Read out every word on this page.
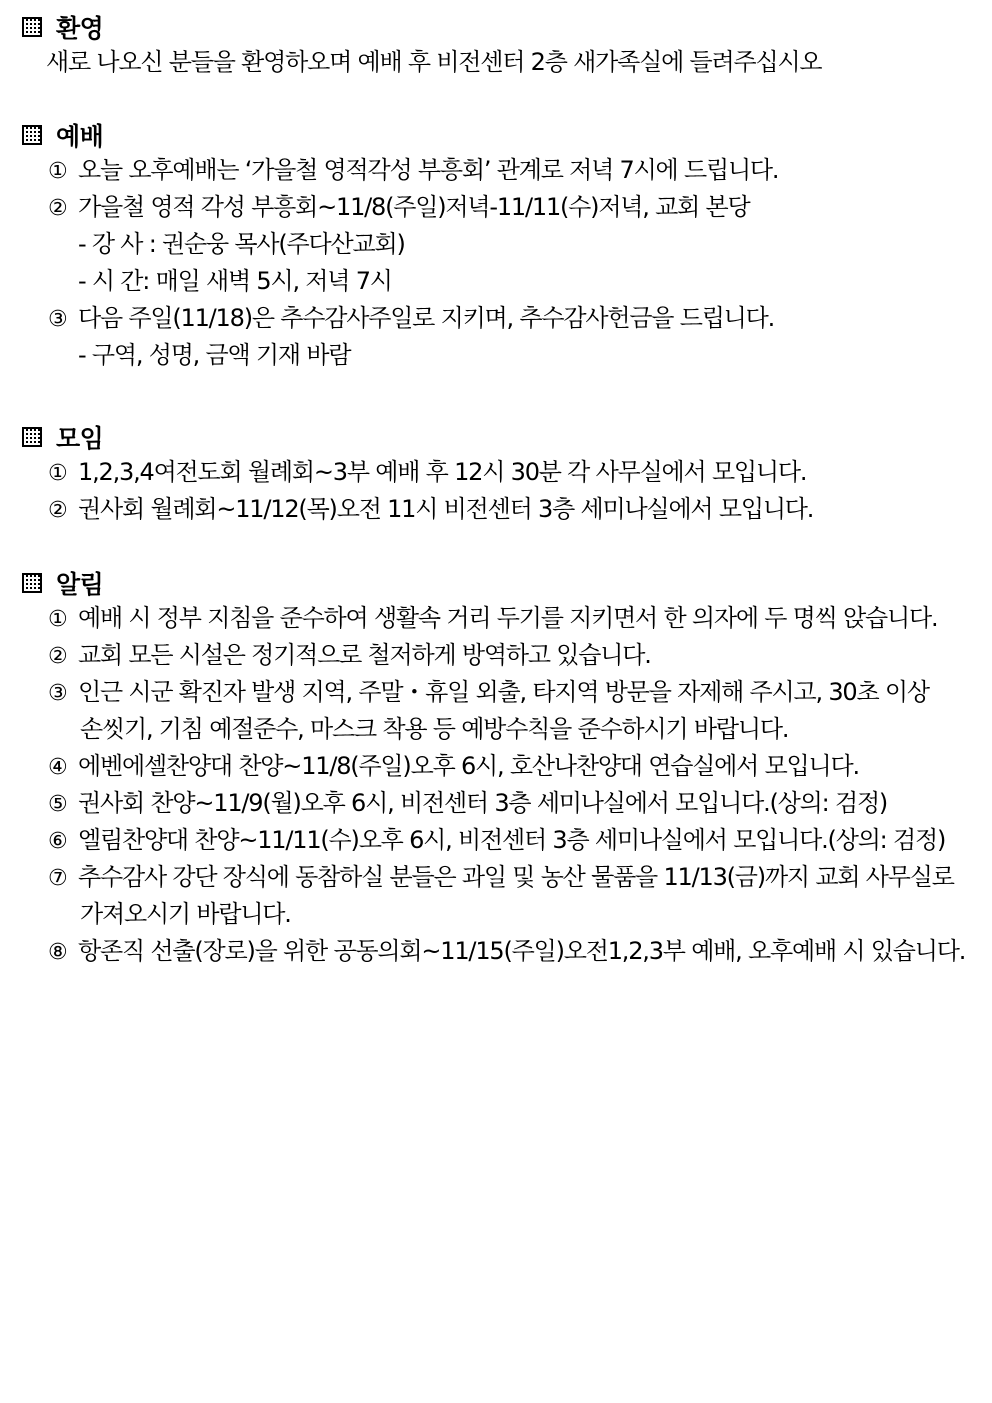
환영
새로 나오신 분들을 환영하오며 예배 후 비전센터 2층 새가족실에 들려주십시오
예배
① 오늘 오후예배는 ‘가을철 영적각성 부흥회’ 관계로 저녁 7시에 드립니다.
② 가을철 영적 각성 부흥회~11/8(주일)저녁-11/11(수)저녁, 교회 본당
- 강 사 : 권순웅 목사(주다산교회)
- 시 간: 매일 새벽 5시, 저녁 7시
③ 다음 주일(11/18)은 추수감사주일로 지키며, 추수감사헌금을 드립니다.
- 구역, 성명, 금액 기재 바람
모임
① 1,2,3,4여전도회 월례회~3부 예배 후 12시 30분 각 사무실에서 모입니다.
② 권사회 월례회~11/12(목)오전 11시 비전센터 3층 세미나실에서 모입니다.
알림
① 예배 시 정부 지침을 준수하여 생활속 거리 두기를 지키면서 한 의자에 두 명씩 앉습니다.
② 교회 모든 시설은 정기적으로 철저하게 방역하고 있습니다.
③ 인근 시군 확진자 발생 지역, 주말・휴일 외출, 타지역 방문을 자제해 주시고, 30초 이상
손씻기, 기침 예절준수, 마스크 착용 등 예방수칙을 준수하시기 바랍니다.
④ 에벤에셀찬양대 찬양~11/8(주일)오후 6시, 호산나찬양대 연습실에서 모입니다.
⑤ 권사회 찬양~11/9(월)오후 6시, 비전센터 3층 세미나실에서 모입니다.(상의: 검정)
⑥ 엘림찬양대 찬양~11/11(수)오후 6시, 비전센터 3층 세미나실에서 모입니다.(상의: 검정)
⑦ 추수감사 강단 장식에 동참하실 분들은 과일 및 농산 물품을 11/13(금)까지 교회 사무실로
가져오시기 바랍니다.
⑧ 항존직 선출(장로)을 위한 공동의회~11/15(주일)오전1,2,3부 예배, 오후예배 시 있습니다.
